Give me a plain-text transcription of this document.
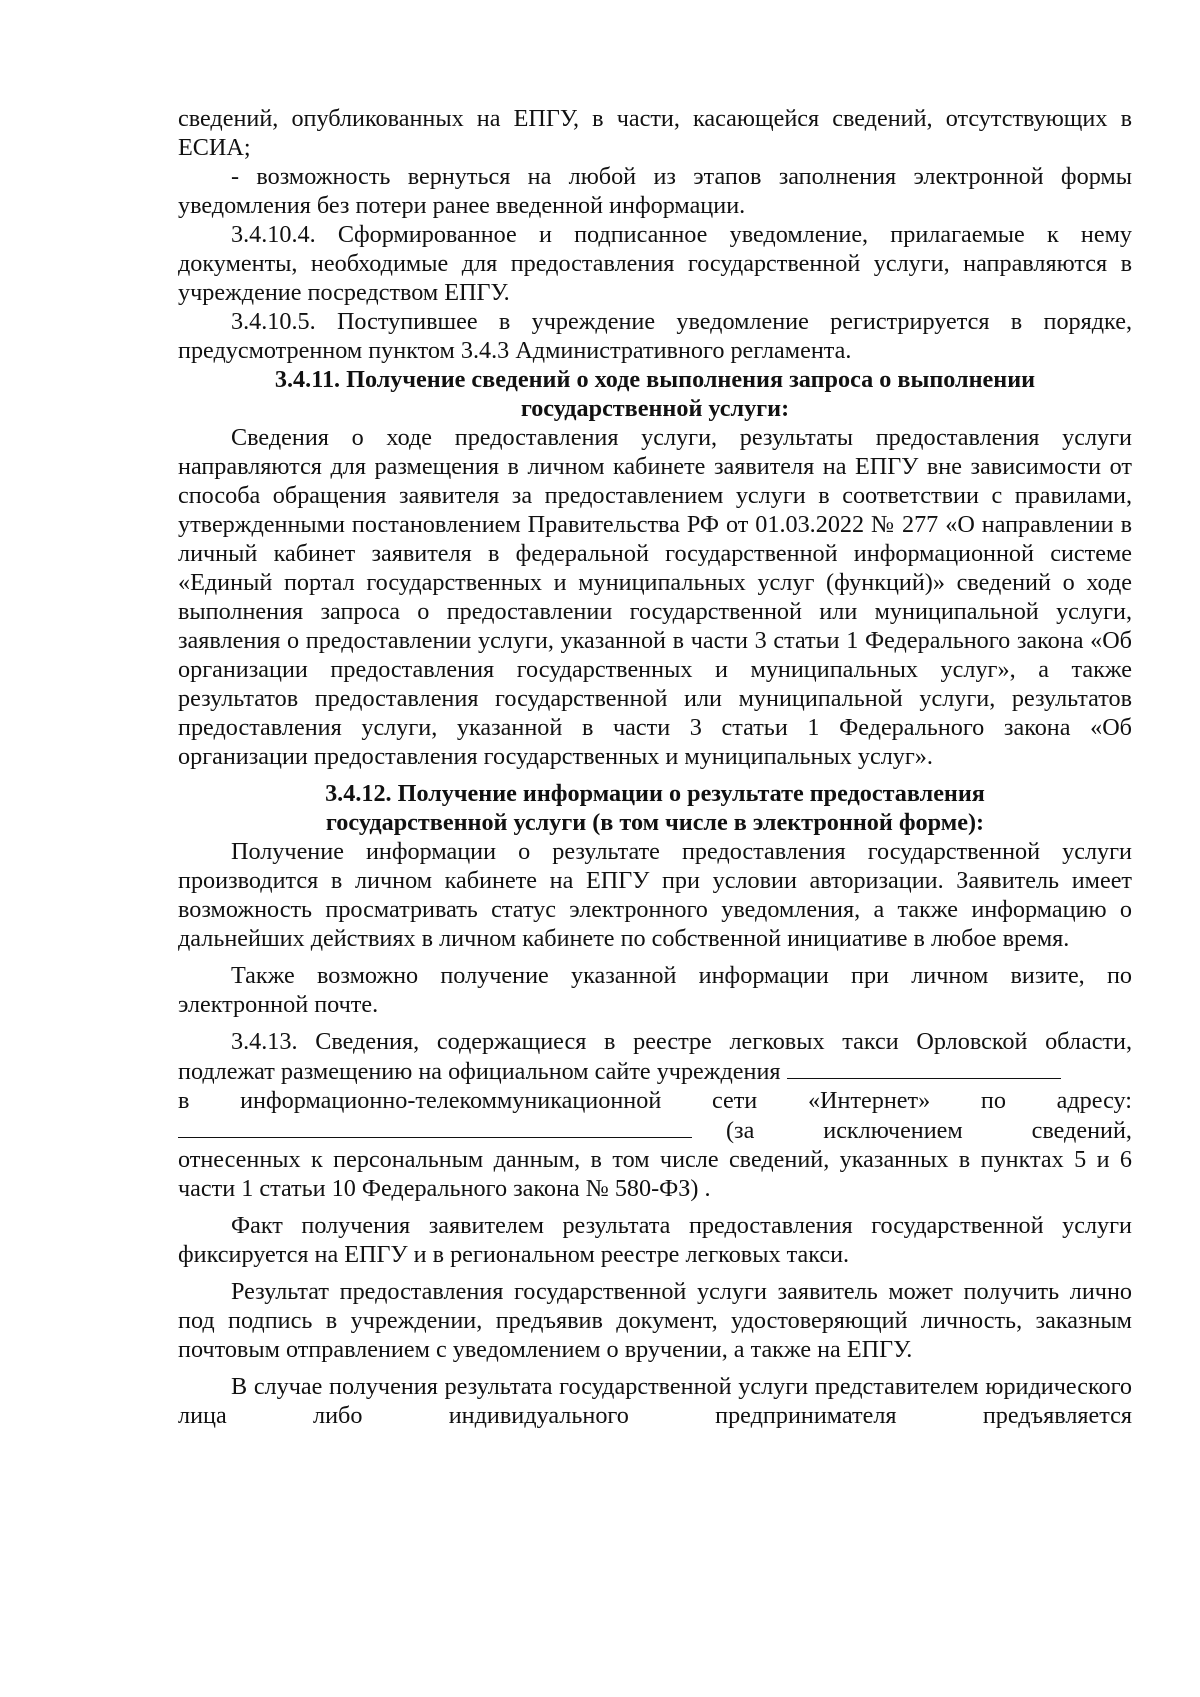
сведений, опубликованных на ЕПГУ, в части, касающейся сведений, отсутствующих в ЕСИА;

- возможность вернуться на любой из этапов заполнения электронной формы уведомления без потери ранее введенной информации.

3.4.10.4. Сформированное и подписанное уведомление, прилагаемые к нему документы, необходимые для предоставления государственной услуги, направляются в учреждение посредством ЕПГУ.

3.4.10.5. Поступившее в учреждение уведомление регистрируется в порядке, предусмотренном пунктом 3.4.3 Административного регламента.

3.4.11. Получение сведений о ходе выполнения запроса о выполнении

государственной услуги:

Сведения о ходе предоставления услуги, результаты предоставления услуги направляются для размещения в личном кабинете заявителя на ЕПГУ вне зависимости от способа обращения заявителя за предоставлением услуги в соответствии с правилами, утвержденными постановлением Правительства РФ от 01.03.2022 № 277 «О направлении в личный кабинет заявителя в федеральной государственной информационной системе «Единый портал государственных и муниципальных услуг (функций)» сведений о ходе выполнения запроса о предоставлении государственной или муниципальной услуги, заявления о предоставлении услуги, указанной в части 3 статьи 1 Федерального закона «Об организации предоставления государственных и муниципальных услуг», а также результатов предоставления государственной или муниципальной услуги, результатов предоставления услуги, указанной в части 3 статьи 1 Федерального закона «Об организации предоставления государственных и муниципальных услуг».

3.4.12. Получение информации о результате предоставления

государственной услуги (в том числе в электронной форме):

Получение информации о результате предоставления государственной услуги производится в личном кабинете на ЕПГУ при условии авторизации. Заявитель имеет возможность просматривать статус электронного уведомления, а также информацию о дальнейших действиях в личном кабинете по собственной инициативе в любое время.

Также возможно получение указанной информации при личном визите, по электронной почте.

3.4.13. Сведения, содержащиеся в реестре легковых такси Орловской области, подлежат размещению на официальном сайте учреждения

в информационно-телекоммуникационной сети «Интернет» по адресу:
(за	исключением	сведений,

отнесенных к персональным данным, в том числе сведений, указанных в пунктах 5 и 6 части 1 статьи 10 Федерального закона № 580-ФЗ) .

Факт получения заявителем результата предоставления государственной услуги фиксируется на ЕПГУ и в региональном реестре легковых такси.

Результат предоставления государственной услуги заявитель может получить лично под подпись в учреждении, предъявив документ, удостоверяющий личность, заказным почтовым отправлением с уведомлением о вручении, а также на ЕПГУ.

В случае получения результата государственной услуги представителем юридического лица либо индивидуального предпринимателя предъявляется
